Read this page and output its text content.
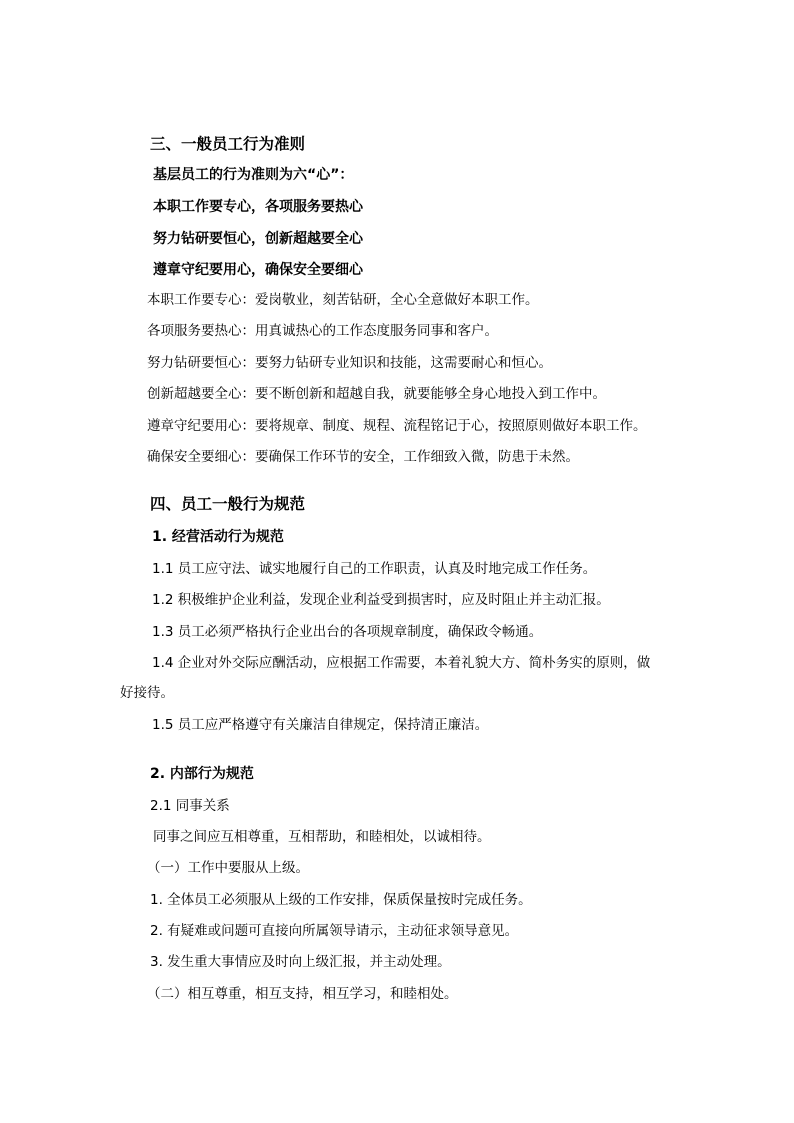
三、一般员工行为准则
基层员工的行为准则为六“心”：
本职工作要专心，各项服务要热心
努力钻研要恒心，创新超越要全心
遵章守纪要用心，确保安全要细心
本职工作要专心：爱岗敬业，刻苦钻研，全心全意做好本职工作。
各项服务要热心：用真诚热心的工作态度服务同事和客户。
努力钻研要恒心：要努力钻研专业知识和技能，这需要耐心和恒心。
创新超越要全心：要不断创新和超越自我，就要能够全身心地投入到工作中。
遵章守纪要用心：要将规章、制度、规程、流程铭记于心，按照原则做好本职工作。
确保安全要细心：要确保工作环节的安全，工作细致入微，防患于未然。
四、员工一般行为规范
1. 经营活动行为规范
1.1 员工应守法、诚实地履行自己的工作职责，认真及时地完成工作任务。
1.2 积极维护企业利益，发现企业利益受到损害时，应及时阻止并主动汇报。
1.3 员工必须严格执行企业出台的各项规章制度，确保政令畅通。
1.4 企业对外交际应酬活动，应根据工作需要，本着礼貌大方、简朴务实的原则，做
好接待。
1.5 员工应严格遵守有关廉洁自律规定，保持清正廉洁。
2. 内部行为规范
2.1 同事关系
同事之间应互相尊重，互相帮助，和睦相处，以诚相待。
（一）工作中要服从上级。
1. 全体员工必须服从上级的工作安排，保质保量按时完成任务。
2. 有疑难或问题可直接向所属领导请示，主动征求领导意见。
3. 发生重大事情应及时向上级汇报，并主动处理。
（二）相互尊重，相互支持，相互学习，和睦相处。
